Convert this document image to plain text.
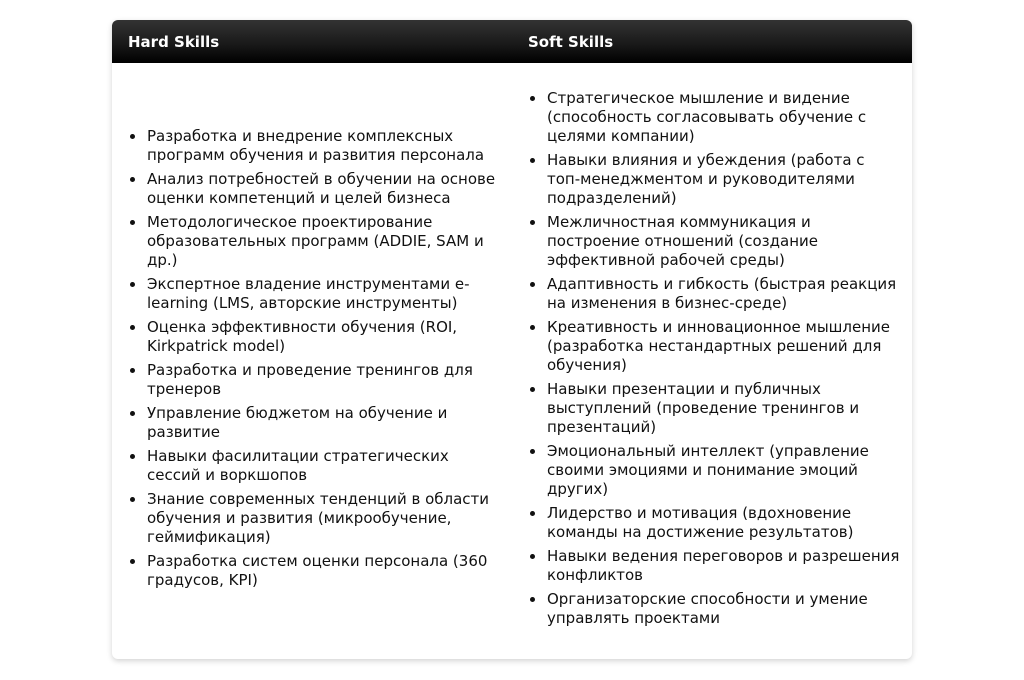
Hard Skills	Soft Skills
Разработка и внедрение комплексных программ обучения и развития персонала
Анализ потребностей в обучении на основе оценки компетенций и целей бизнеса
Методологическое проектирование образовательных программ (ADDIE, SAM и др.)
Экспертное владение инструментами e-learning (LMS, авторские инструменты)
Оценка эффективности обучения (ROI, Kirkpatrick model)
Разработка и проведение тренингов для тренеров
Управление бюджетом на обучение и развитие
Навыки фасилитации стратегических сессий и воркшопов
Знание современных тенденций в области обучения и развития (микрообучение, геймификация)
Разработка систем оценки персонала (360 градусов, KPI)
Стратегическое мышление и видение (способность согласовывать обучение с целями компании)
Навыки влияния и убеждения (работа с топ-менеджментом и руководителями подразделений)
Межличностная коммуникация и построение отношений (создание эффективной рабочей среды)
Адаптивность и гибкость (быстрая реакция на изменения в бизнес-среде)
Креативность и инновационное мышление (разработка нестандартных решений для обучения)
Навыки презентации и публичных выступлений (проведение тренингов и презентаций)
Эмоциональный интеллект (управление своими эмоциями и понимание эмоций других)
Лидерство и мотивация (вдохновение команды на достижение результатов)
Навыки ведения переговоров и разрешения конфликтов
Организаторские способности и умение управлять проектами
